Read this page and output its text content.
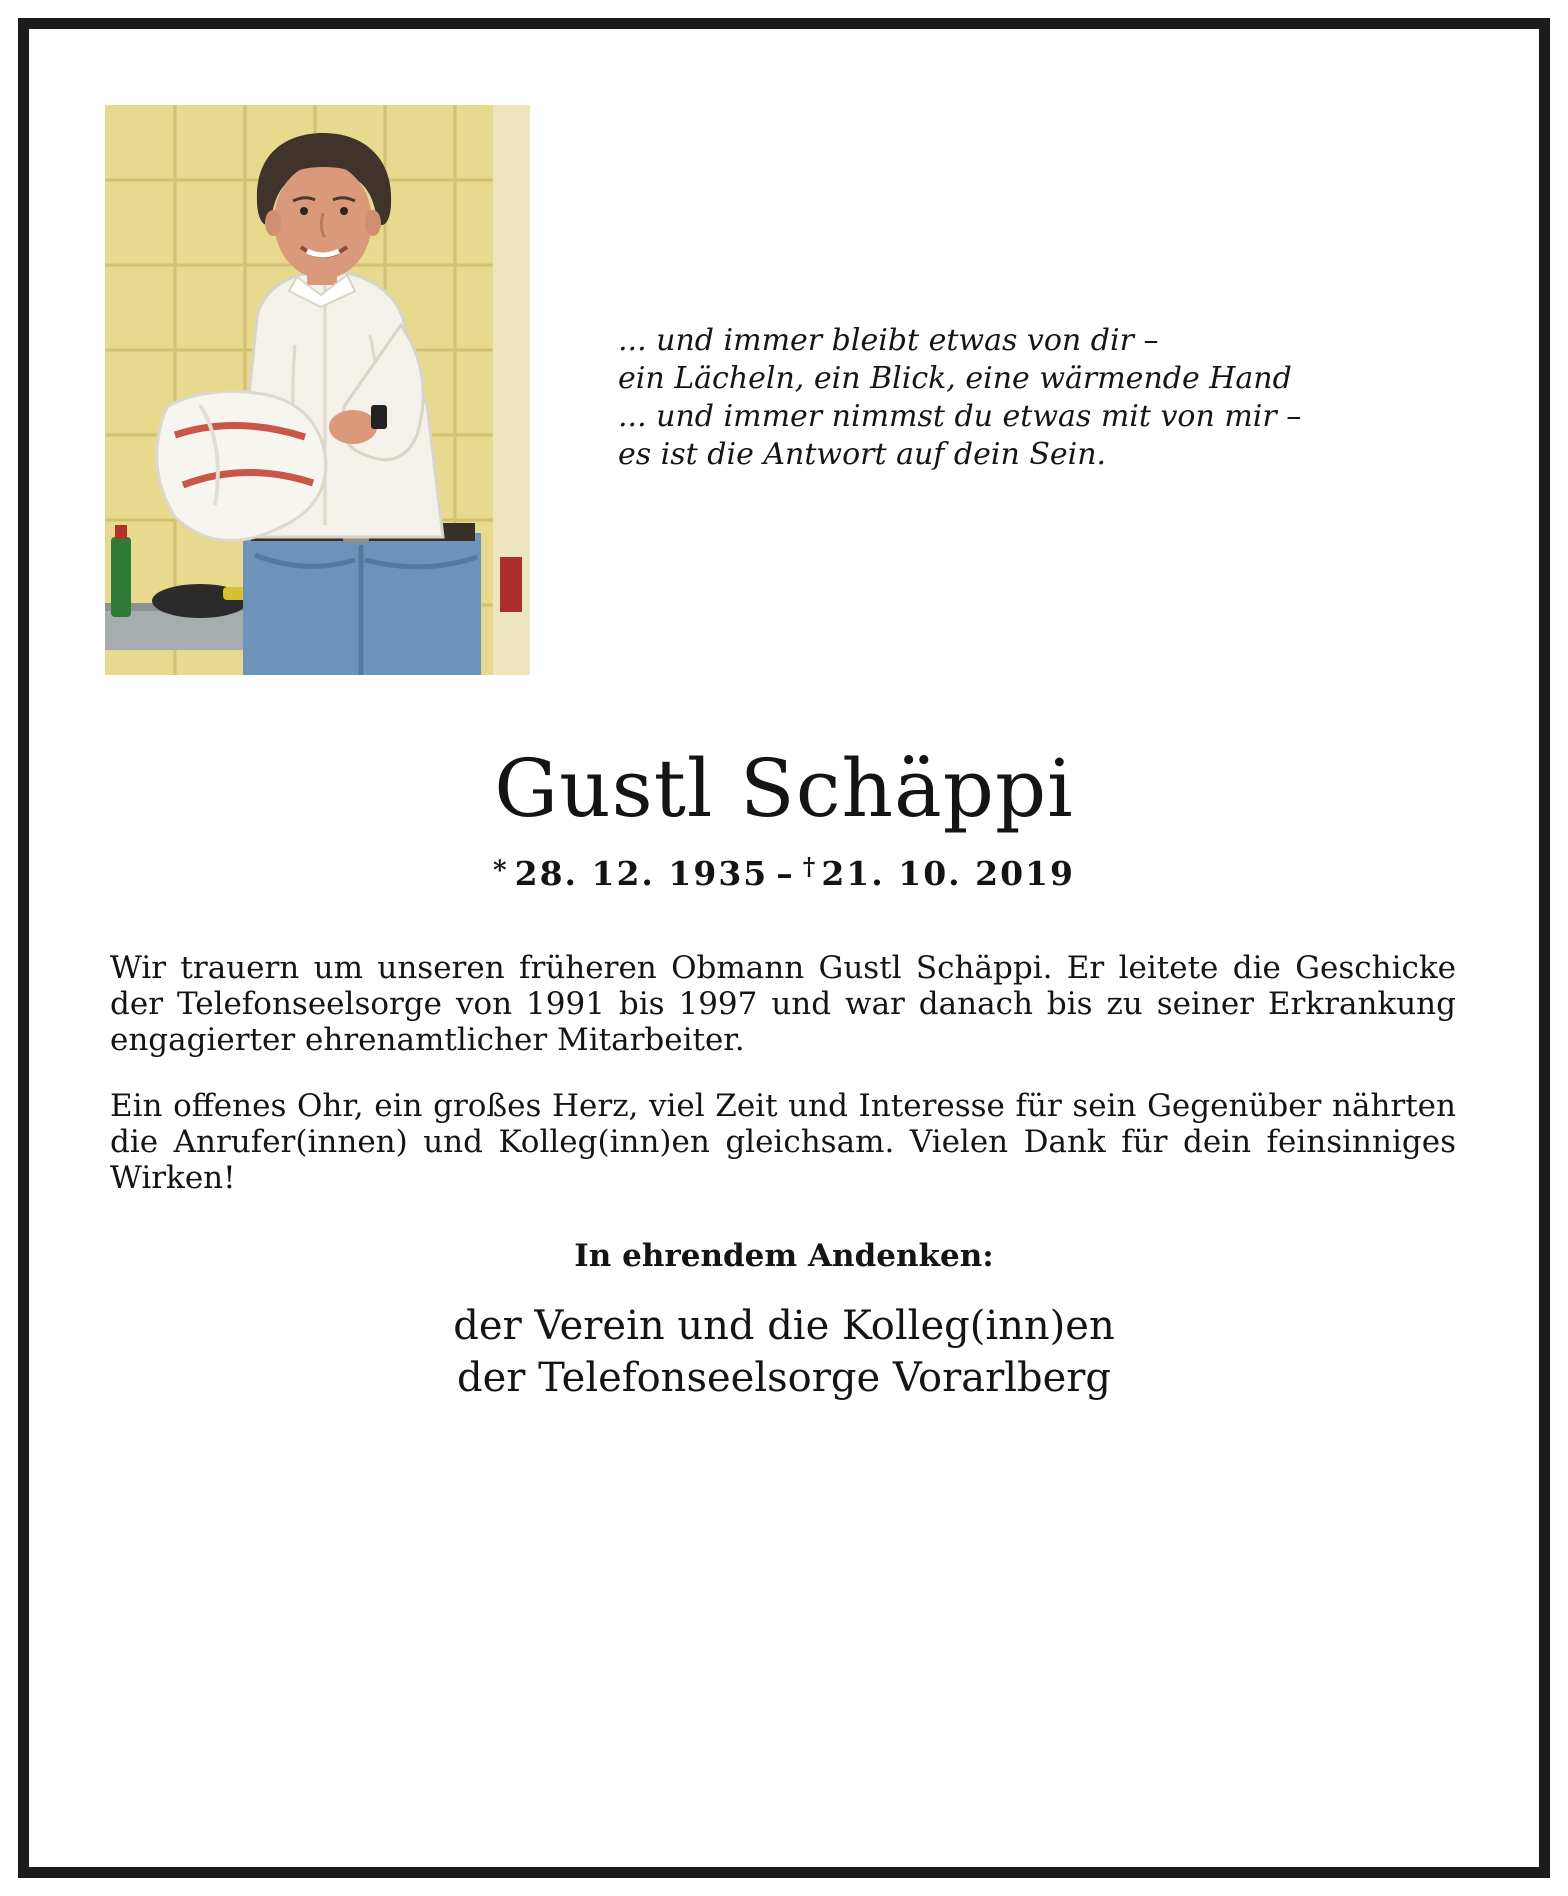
... und immer bleibt etwas von dir –
ein Lächeln, ein Blick, eine wärmende Hand
... und immer nimmst du etwas mit von mir –
es ist die Antwort auf dein Sein.
Gustl Schäppi
* 28. 12. 1935 – † 21. 10. 2019

Wir trauern um unseren früheren Obmann Gustl Schäppi. Er leitete die Geschicke der Telefonseelsorge von 1991 bis 1997 und war danach bis zu seiner Erkrankung engagierter ehrenamtlicher Mitarbeiter.

Ein offenes Ohr, ein großes Herz, viel Zeit und Interesse für sein Gegenüber nährten die Anrufer(innen) und Kolleg(inn)en gleichsam. Vielen Dank für dein feinsinniges Wirken!

In ehrendem Andenken:
der Verein und die Kolleg(inn)en
der Telefonseelsorge Vorarlberg
